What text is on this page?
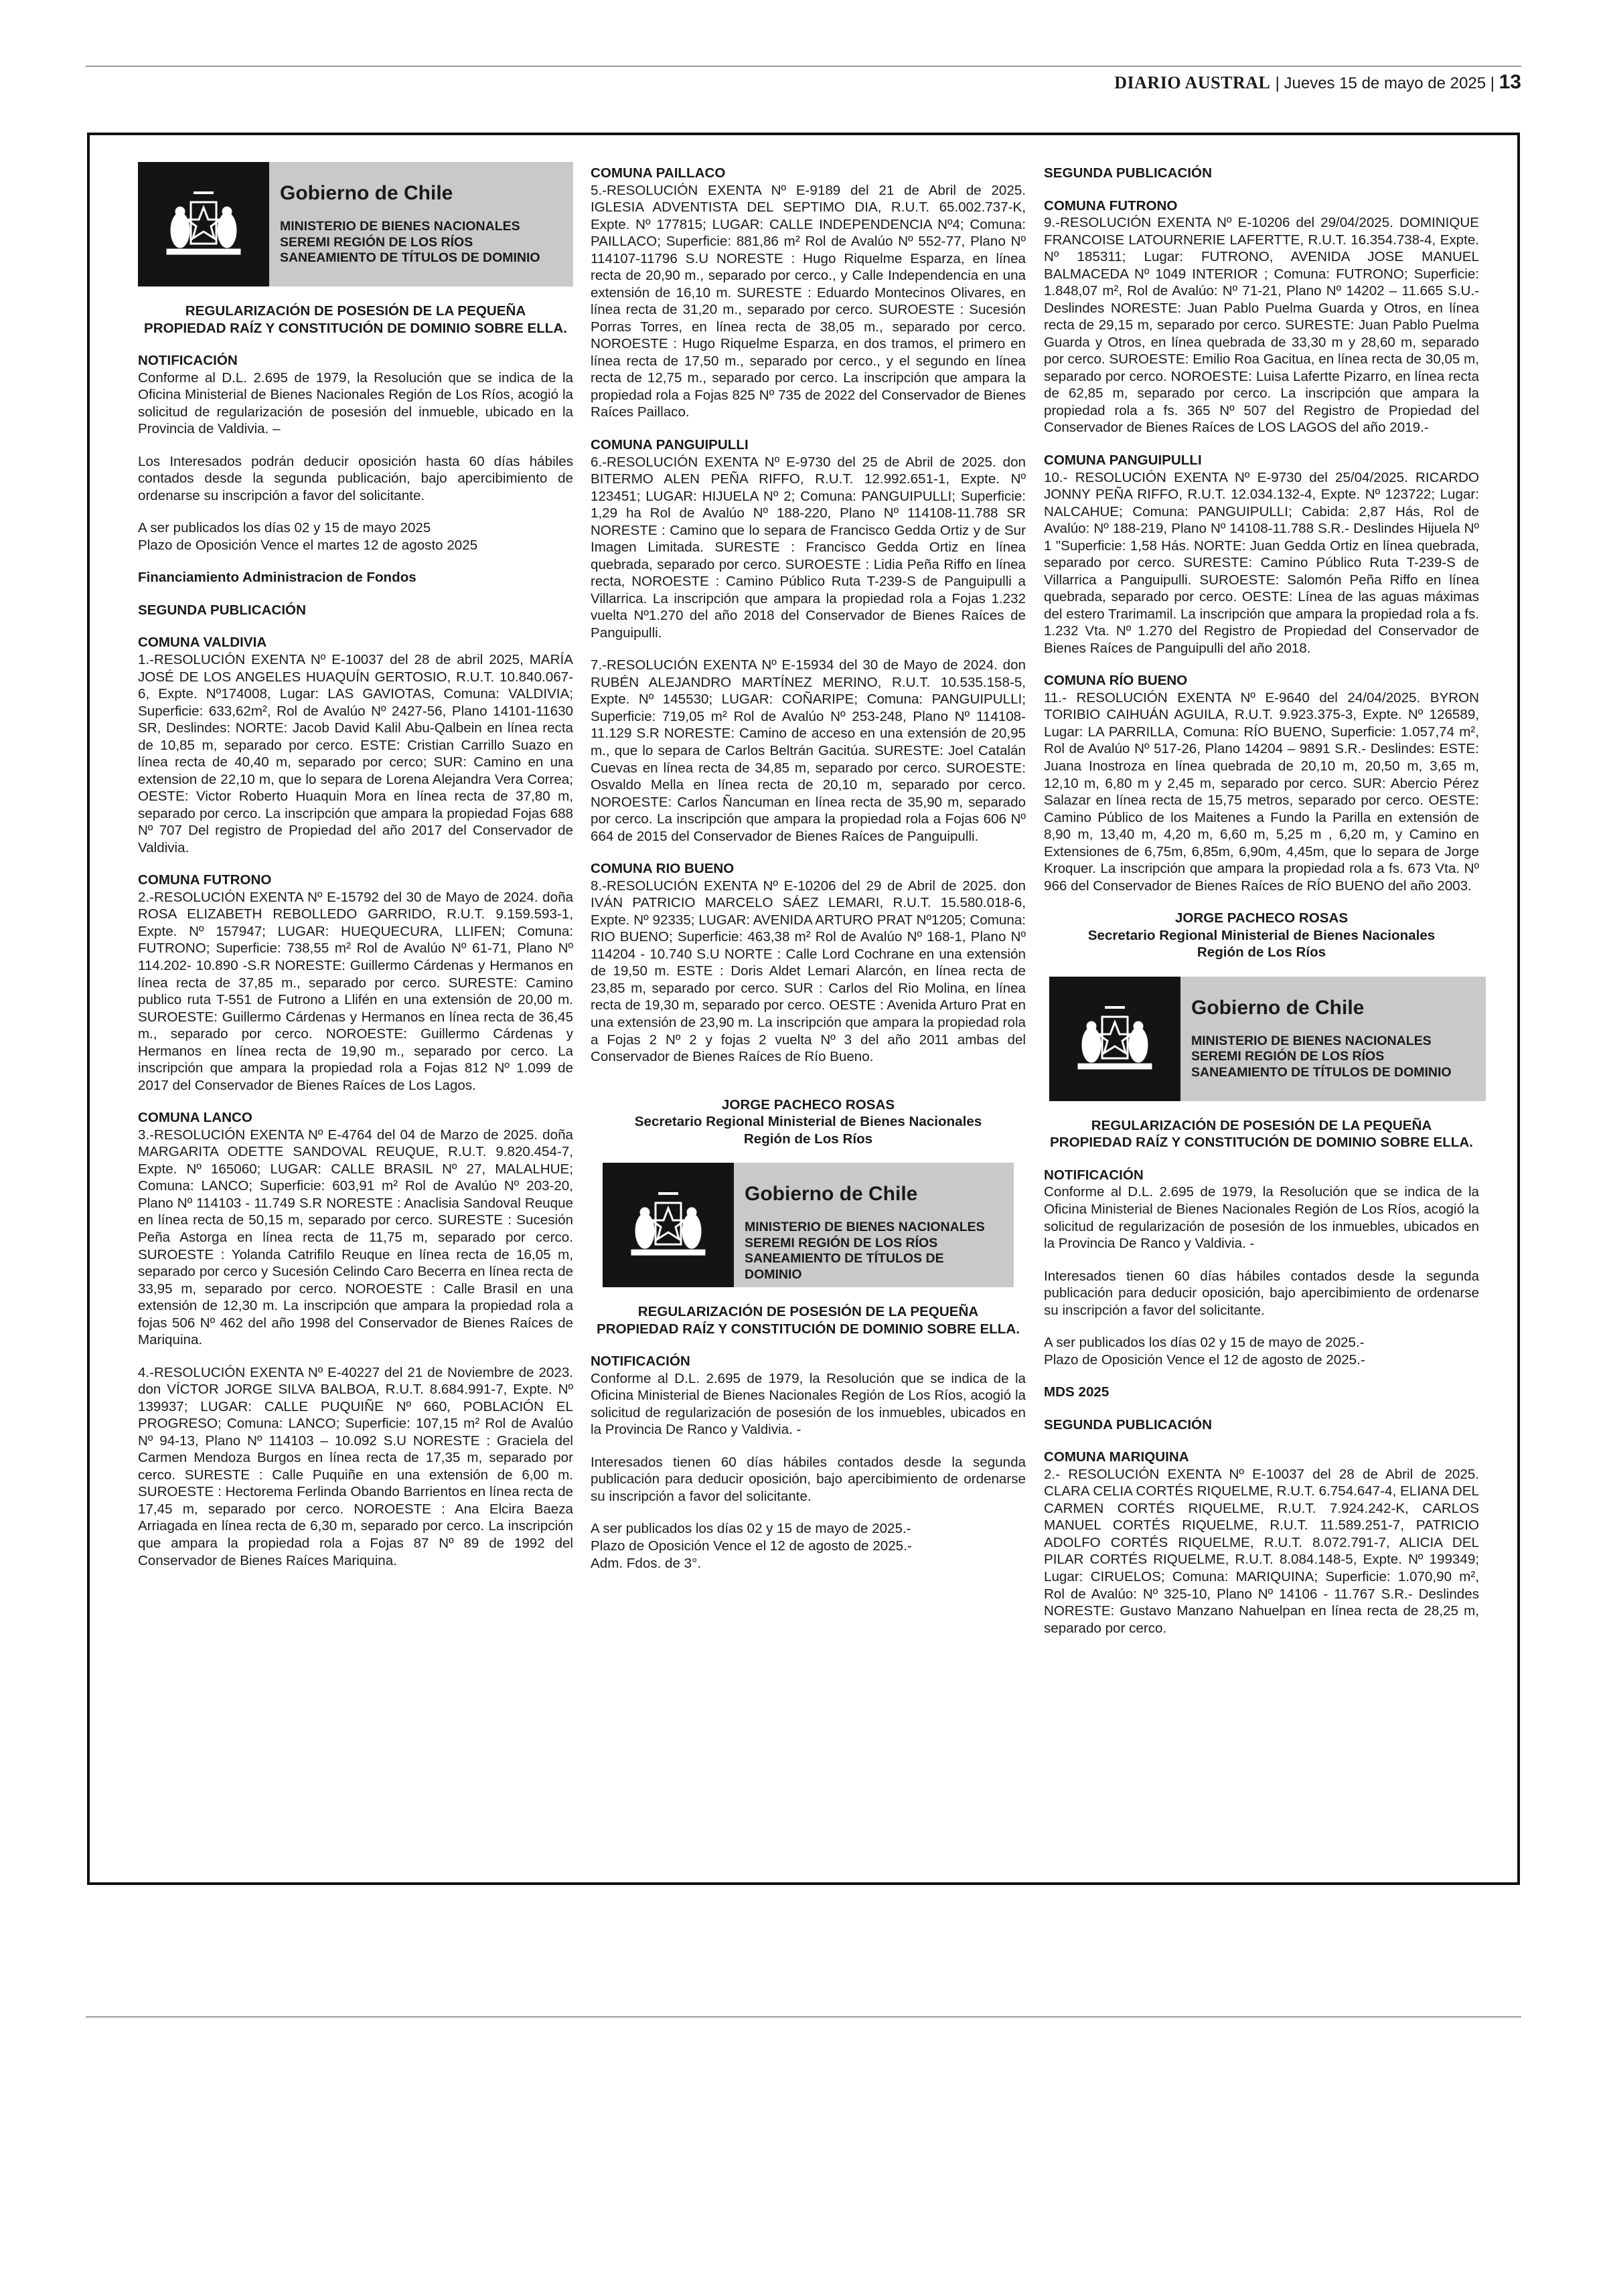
DIARIO AUSTRAL | Jueves 15 de mayo de 2025 | 13
Gobierno de Chile
MINISTERIO DE BIENES NACIONALES
SEREMI REGIÓN DE LOS RÍOS
SANEAMIENTO DE TÍTULOS DE DOMINIO

REGULARIZACIÓN DE POSESIÓN DE LA PEQUEÑA

PROPIEDAD RAÍZ Y CONSTITUCIÓN DE DOMINIO SOBRE ELLA.

NOTIFICACIÓN

Conforme al D.L. 2.695 de 1979, la Resolución que se indica de la Oficina Ministerial de Bienes Nacionales Región de Los Ríos, acogió la solicitud de regularización de posesión del inmueble, ubicado en la Provincia de Valdivia. –

Los Interesados podrán deducir oposición hasta 60 días hábiles contados desde la segunda publicación, bajo apercibimiento de ordenarse su inscripción a favor del solicitante.

A ser publicados los días 02 y 15 de mayo 2025

Plazo de Oposición Vence el martes 12 de agosto 2025

Financiamiento Administracion de Fondos

SEGUNDA PUBLICACIÓN

COMUNA VALDIVIA

1.-RESOLUCIÓN EXENTA Nº E-10037 del 28 de abril 2025, MARÍA JOSÉ DE LOS ANGELES HUAQUÍN GERTOSIO, R.U.T. 10.840.067-6, Expte. Nº174008, Lugar: LAS GAVIOTAS, Comuna: VALDIVIA; Superficie: 633,62m², Rol de Avalúo Nº 2427-56, Plano 14101-11630 SR, Deslindes: NORTE: Jacob David Kalil Abu-Qalbein en línea recta de 10,85 m, separado por cerco. ESTE: Cristian Carrillo Suazo en línea recta de 40,40 m, separado por cerco; SUR: Camino en una extension de 22,10 m, que lo separa de Lorena Alejandra Vera Correa; OESTE: Victor Roberto Huaquin Mora en línea recta de 37,80 m, separado por cerco. La inscripción que ampara la propiedad Fojas 688 Nº 707 Del registro de Propiedad del año 2017 del Conservador de Valdivia.

COMUNA FUTRONO

2.-RESOLUCIÓN EXENTA Nº E-15792 del 30 de Mayo de 2024. doña ROSA ELIZABETH REBOLLEDO GARRIDO, R.U.T. 9.159.593-1, Expte. Nº 157947; LUGAR: HUEQUECURA, LLIFEN; Comuna: FUTRONO; Superficie: 738,55 m² Rol de Avalúo Nº 61-71, Plano Nº 114.202- 10.890 -S.R NORESTE: Guillermo Cárdenas y Hermanos en línea recta de 37,85 m., separado por cerco. SURESTE: Camino publico ruta T-551 de Futrono a Llifén en una extensión de 20,00 m. SUROESTE: Guillermo Cárdenas y Hermanos en línea recta de 36,45 m., separado por cerco. NOROESTE: Guillermo Cárdenas y Hermanos en línea recta de 19,90 m., separado por cerco. La inscripción que ampara la propiedad rola a Fojas 812 Nº 1.099 de 2017 del Conservador de Bienes Raíces de Los Lagos.

COMUNA LANCO

3.-RESOLUCIÓN EXENTA Nº E-4764 del 04 de Marzo de 2025. doña MARGARITA ODETTE SANDOVAL REUQUE, R.U.T. 9.820.454-7, Expte. Nº 165060; LUGAR: CALLE BRASIL Nº 27, MALALHUE; Comuna: LANCO; Superficie: 603,91 m² Rol de Avalúo Nº 203-20, Plano Nº 114103 - 11.749 S.R NORESTE : Anaclisia Sandoval Reuque en línea recta de 50,15 m, separado por cerco. SURESTE : Sucesión Peña Astorga en línea recta de 11,75 m, separado por cerco. SUROESTE : Yolanda Catrifilo Reuque en línea recta de 16,05 m, separado por cerco y Sucesión Celindo Caro Becerra en línea recta de 33,95 m, separado por cerco. NOROESTE : Calle Brasil en una extensión de 12,30 m. La inscripción que ampara la propiedad rola a fojas 506 Nº 462 del año 1998 del Conservador de Bienes Raíces de Mariquina.

4.-RESOLUCIÓN EXENTA Nº E-40227 del 21 de Noviembre de 2023. don VÍCTOR JORGE SILVA BALBOA, R.U.T. 8.684.991-7, Expte. Nº 139937; LUGAR: CALLE PUQUIÑE Nº 660, POBLACIÓN EL PROGRESO; Comuna: LANCO; Superficie: 107,15 m² Rol de Avalúo Nº 94-13, Plano Nº 114103 – 10.092 S.U NORESTE : Graciela del Carmen Mendoza Burgos en línea recta de 17,35 m, separado por cerco. SURESTE : Calle Puquiñe en una extensión de 6,00 m. SUROESTE : Hectorema Ferlinda Obando Barrientos en línea recta de 17,45 m, separado por cerco. NOROESTE : Ana Elcira Baeza Arriagada en línea recta de 6,30 m, separado por cerco. La inscripción que ampara la propiedad rola a Fojas 87 Nº 89 de 1992 del Conservador de Bienes Raíces Mariquina.

COMUNA PAILLACO

5.-RESOLUCIÓN EXENTA Nº E-9189 del 21 de Abril de 2025. IGLESIA ADVENTISTA DEL SEPTIMO DIA, R.U.T. 65.002.737-K, Expte. Nº 177815; LUGAR: CALLE INDEPENDENCIA Nº4; Comuna: PAILLACO; Superficie: 881,86 m² Rol de Avalúo Nº 552-77, Plano Nº 114107-11796 S.U NORESTE : Hugo Riquelme Esparza, en línea recta de 20,90 m., separado por cerco., y Calle Independencia en una extensión de 16,10 m. SURESTE : Eduardo Montecinos Olivares, en línea recta de 31,20 m., separado por cerco. SUROESTE : Sucesión Porras Torres, en línea recta de 38,05 m., separado por cerco. NOROESTE : Hugo Riquelme Esparza, en dos tramos, el primero en línea recta de 17,50 m., separado por cerco., y el segundo en línea recta de 12,75 m., separado por cerco. La inscripción que ampara la propiedad rola a Fojas 825 Nº 735 de 2022 del Conservador de Bienes Raíces Paillaco.

COMUNA PANGUIPULLI

6.-RESOLUCIÓN EXENTA Nº E-9730 del 25 de Abril de 2025. don BITERMO ALEN PEÑA RIFFO, R.U.T. 12.992.651-1, Expte. Nº 123451; LUGAR: HIJUELA Nº 2; Comuna: PANGUIPULLI; Superficie: 1,29 ha Rol de Avalúo Nº 188-220, Plano Nº 114108-11.788 SR NORESTE : Camino que lo separa de Francisco Gedda Ortiz y de Sur Imagen Limitada. SURESTE : Francisco Gedda Ortiz en línea quebrada, separado por cerco. SUROESTE : Lidia Peña Riffo en línea recta, NOROESTE : Camino Público Ruta T-239-S de Panguipulli a Villarrica. La inscripción que ampara la propiedad rola a Fojas 1.232 vuelta Nº1.270 del año 2018 del Conservador de Bienes Raíces de Panguipulli.

7.-RESOLUCIÓN EXENTA Nº E-15934 del 30 de Mayo de 2024. don RUBÉN ALEJANDRO MARTÍNEZ MERINO, R.U.T. 10.535.158-5, Expte. Nº 145530; LUGAR: COÑARIPE; Comuna: PANGUIPULLI; Superficie: 719,05 m² Rol de Avalúo Nº 253-248, Plano Nº 114108-11.129 S.R NORESTE: Camino de acceso en una extensión de 20,95 m., que lo separa de Carlos Beltrán Gacitúa. SURESTE: Joel Catalán Cuevas en línea recta de 34,85 m, separado por cerco. SUROESTE: Osvaldo Mella en línea recta de 20,10 m, separado por cerco. NOROESTE: Carlos Ñancuman en línea recta de 35,90 m, separado por cerco. La inscripción que ampara la propiedad rola a Fojas 606 Nº 664 de 2015 del Conservador de Bienes Raíces de Panguipulli.

COMUNA RIO BUENO

8.-RESOLUCIÓN EXENTA Nº E-10206 del 29 de Abril de 2025. don IVÁN PATRICIO MARCELO SÁEZ LEMARI, R.U.T. 15.580.018-6, Expte. Nº 92335; LUGAR: AVENIDA ARTURO PRAT Nº1205; Comuna: RIO BUENO; Superficie: 463,38 m² Rol de Avalúo Nº 168-1, Plano Nº 114204 - 10.740 S.U NORTE : Calle Lord Cochrane en una extensión de 19,50 m. ESTE : Doris Aldet Lemari Alarcón, en línea recta de 23,85 m, separado por cerco. SUR : Carlos del Rio Molina, en línea recta de 19,30 m, separado por cerco. OESTE : Avenida Arturo Prat en una extensión de 23,90 m. La inscripción que ampara la propiedad rola a Fojas 2 Nº 2 y fojas 2 vuelta Nº 3 del año 2011 ambas del Conservador de Bienes Raíces de Río Bueno.

JORGE PACHECO ROSAS

Secretario Regional Ministerial de Bienes Nacionales

Región de Los Ríos

Gobierno de Chile
MINISTERIO DE BIENES NACIONALES
SEREMI REGIÓN DE LOS RÍOS
SANEAMIENTO DE TÍTULOS DE DOMINIO

REGULARIZACIÓN DE POSESIÓN DE LA PEQUEÑA

PROPIEDAD RAÍZ Y CONSTITUCIÓN DE DOMINIO SOBRE ELLA.

NOTIFICACIÓN

Conforme al D.L. 2.695 de 1979, la Resolución que se indica de la Oficina Ministerial de Bienes Nacionales Región de Los Ríos, acogió la solicitud de regularización de posesión de los inmuebles, ubicados en la Provincia De Ranco y Valdivia. -

Interesados tienen 60 días hábiles contados desde la segunda publicación para deducir oposición, bajo apercibimiento de ordenarse su inscripción a favor del solicitante.

A ser publicados los días 02 y 15 de mayo de 2025.-

Plazo de Oposición Vence el 12 de agosto de 2025.-

Adm. Fdos. de 3°.

SEGUNDA PUBLICACIÓN

COMUNA FUTRONO

9.-RESOLUCIÓN EXENTA Nº E-10206 del 29/04/2025. DOMINIQUE FRANCOISE LATOURNERIE LAFERTTE, R.U.T. 16.354.738-4, Expte. Nº 185311; Lugar: FUTRONO, AVENIDA JOSE MANUEL BALMACEDA Nº 1049 INTERIOR ; Comuna: FUTRONO; Superficie: 1.848,07 m², Rol de Avalúo: Nº 71-21, Plano Nº 14202 – 11.665 S.U.- Deslindes NORESTE: Juan Pablo Puelma Guarda y Otros, en línea recta de 29,15 m, separado por cerco. SURESTE: Juan Pablo Puelma Guarda y Otros, en línea quebrada de 33,30 m y 28,60 m, separado por cerco. SUROESTE: Emilio Roa Gacitua, en línea recta de 30,05 m, separado por cerco. NOROESTE: Luisa Lafertte Pizarro, en línea recta de 62,85 m, separado por cerco. La inscripción que ampara la propiedad rola a fs. 365 Nº 507 del Registro de Propiedad del Conservador de Bienes Raíces de LOS LAGOS del año 2019.-

COMUNA PANGUIPULLI

10.- RESOLUCIÓN EXENTA Nº E-9730 del 25/04/2025. RICARDO JONNY PEÑA RIFFO, R.U.T. 12.034.132-4, Expte. Nº 123722; Lugar: NALCAHUE; Comuna: PANGUIPULLI; Cabida: 2,87 Hás, Rol de Avalúo: Nº 188-219, Plano Nº 14108-11.788 S.R.- Deslindes Hijuela Nº 1 "Superficie: 1,58 Hás. NORTE: Juan Gedda Ortiz en línea quebrada, separado por cerco. SURESTE: Camino Público Ruta T-239-S de Villarrica a Panguipulli. SUROESTE: Salomón Peña Riffo en línea quebrada, separado por cerco. OESTE: Línea de las aguas máximas del estero Trarimamil. La inscripción que ampara la propiedad rola a fs. 1.232 Vta. Nº 1.270 del Registro de Propiedad del Conservador de Bienes Raíces de Panguipulli del año 2018.

COMUNA RÍO BUENO

11.- RESOLUCIÓN EXENTA Nº E-9640 del 24/04/2025. BYRON TORIBIO CAIHUÁN AGUILA, R.U.T. 9.923.375-3, Expte. Nº 126589, Lugar: LA PARRILLA, Comuna: RÍO BUENO, Superficie: 1.057,74 m², Rol de Avalúo Nº 517-26, Plano 14204 – 9891 S.R.- Deslindes: ESTE: Juana Inostroza en línea quebrada de 20,10 m, 20,50 m, 3,65 m, 12,10 m, 6,80 m y 2,45 m, separado por cerco. SUR: Abercio Pérez Salazar en línea recta de 15,75 metros, separado por cerco. OESTE: Camino Público de los Maitenes a Fundo la Parilla en extensión de 8,90 m, 13,40 m, 4,20 m, 6,60 m, 5,25 m , 6,20 m, y Camino en Extensiones de 6,75m, 6,85m, 6,90m, 4,45m, que lo separa de Jorge Kroquer. La inscripción que ampara la propiedad rola a fs. 673 Vta. Nº 966 del Conservador de Bienes Raíces de RÍO BUENO del año 2003.

JORGE PACHECO ROSAS

Secretario Regional Ministerial de Bienes Nacionales

Región de Los Ríos

Gobierno de Chile
MINISTERIO DE BIENES NACIONALES
SEREMI REGIÓN DE LOS RÍOS
SANEAMIENTO DE TÍTULOS DE DOMINIO

REGULARIZACIÓN DE POSESIÓN DE LA PEQUEÑA

PROPIEDAD RAÍZ Y CONSTITUCIÓN DE DOMINIO SOBRE ELLA.

NOTIFICACIÓN

Conforme al D.L. 2.695 de 1979, la Resolución que se indica de la Oficina Ministerial de Bienes Nacionales Región de Los Ríos, acogió la solicitud de regularización de posesión de los inmuebles, ubicados en la Provincia De Ranco y Valdivia. -

Interesados tienen 60 días hábiles contados desde la segunda publicación para deducir oposición, bajo apercibimiento de ordenarse su inscripción a favor del solicitante.

A ser publicados los días 02 y 15 de mayo de 2025.-

Plazo de Oposición Vence el 12 de agosto de 2025.-

MDS 2025

SEGUNDA PUBLICACIÓN

COMUNA MARIQUINA

2.- RESOLUCIÓN EXENTA Nº E-10037 del 28 de Abril de 2025. CLARA CELIA CORTÉS RIQUELME, R.U.T. 6.754.647-4, ELIANA DEL CARMEN CORTÉS RIQUELME, R.U.T. 7.924.242-K, CARLOS MANUEL CORTÉS RIQUELME, R.U.T. 11.589.251-7, PATRICIO ADOLFO CORTÉS RIQUELME, R.U.T. 8.072.791-7, ALICIA DEL PILAR CORTÉS RIQUELME, R.U.T. 8.084.148-5, Expte. Nº 199349; Lugar: CIRUELOS; Comuna: MARIQUINA; Superficie: 1.070,90 m², Rol de Avalúo: Nº 325-10, Plano Nº 14106 - 11.767 S.R.- Deslindes NORESTE: Gustavo Manzano Nahuelpan en línea recta de 28,25 m, separado por cerco.
